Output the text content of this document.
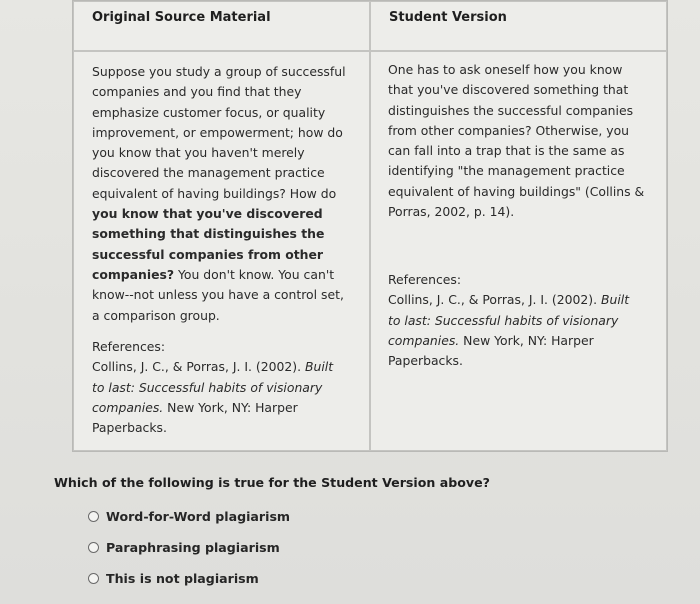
Original Source Material	Student Version
Suppose you study a group of successful
companies and you find that they
emphasize customer focus, or quality
improvement, or empowerment; how do
you know that you haven't merely
discovered the management practice
equivalent of having buildings? How do
you know that you've discovered
something that distinguishes the
successful companies from other
companies? You don't know. You can't
know--not unless you have a control set,
a comparison group.
References:
Collins, J. C., & Porras, J. I. (2002). Built
to last: Successful habits of visionary
companies. New York, NY: Harper
Paperbacks.
One has to ask oneself how you know
that you've discovered something that
distinguishes the successful companies
from other companies? Otherwise, you
can fall into a trap that is the same as
identifying "the management practice
equivalent of having buildings" (Collins &
Porras, 2002, p. 14).
References:
Collins, J. C., & Porras, J. I. (2002). Built
to last: Successful habits of visionary
companies. New York, NY: Harper
Paperbacks.
Which of the following is true for the Student Version above?
Word-for-Word plagiarism
Paraphrasing plagiarism
This is not plagiarism
